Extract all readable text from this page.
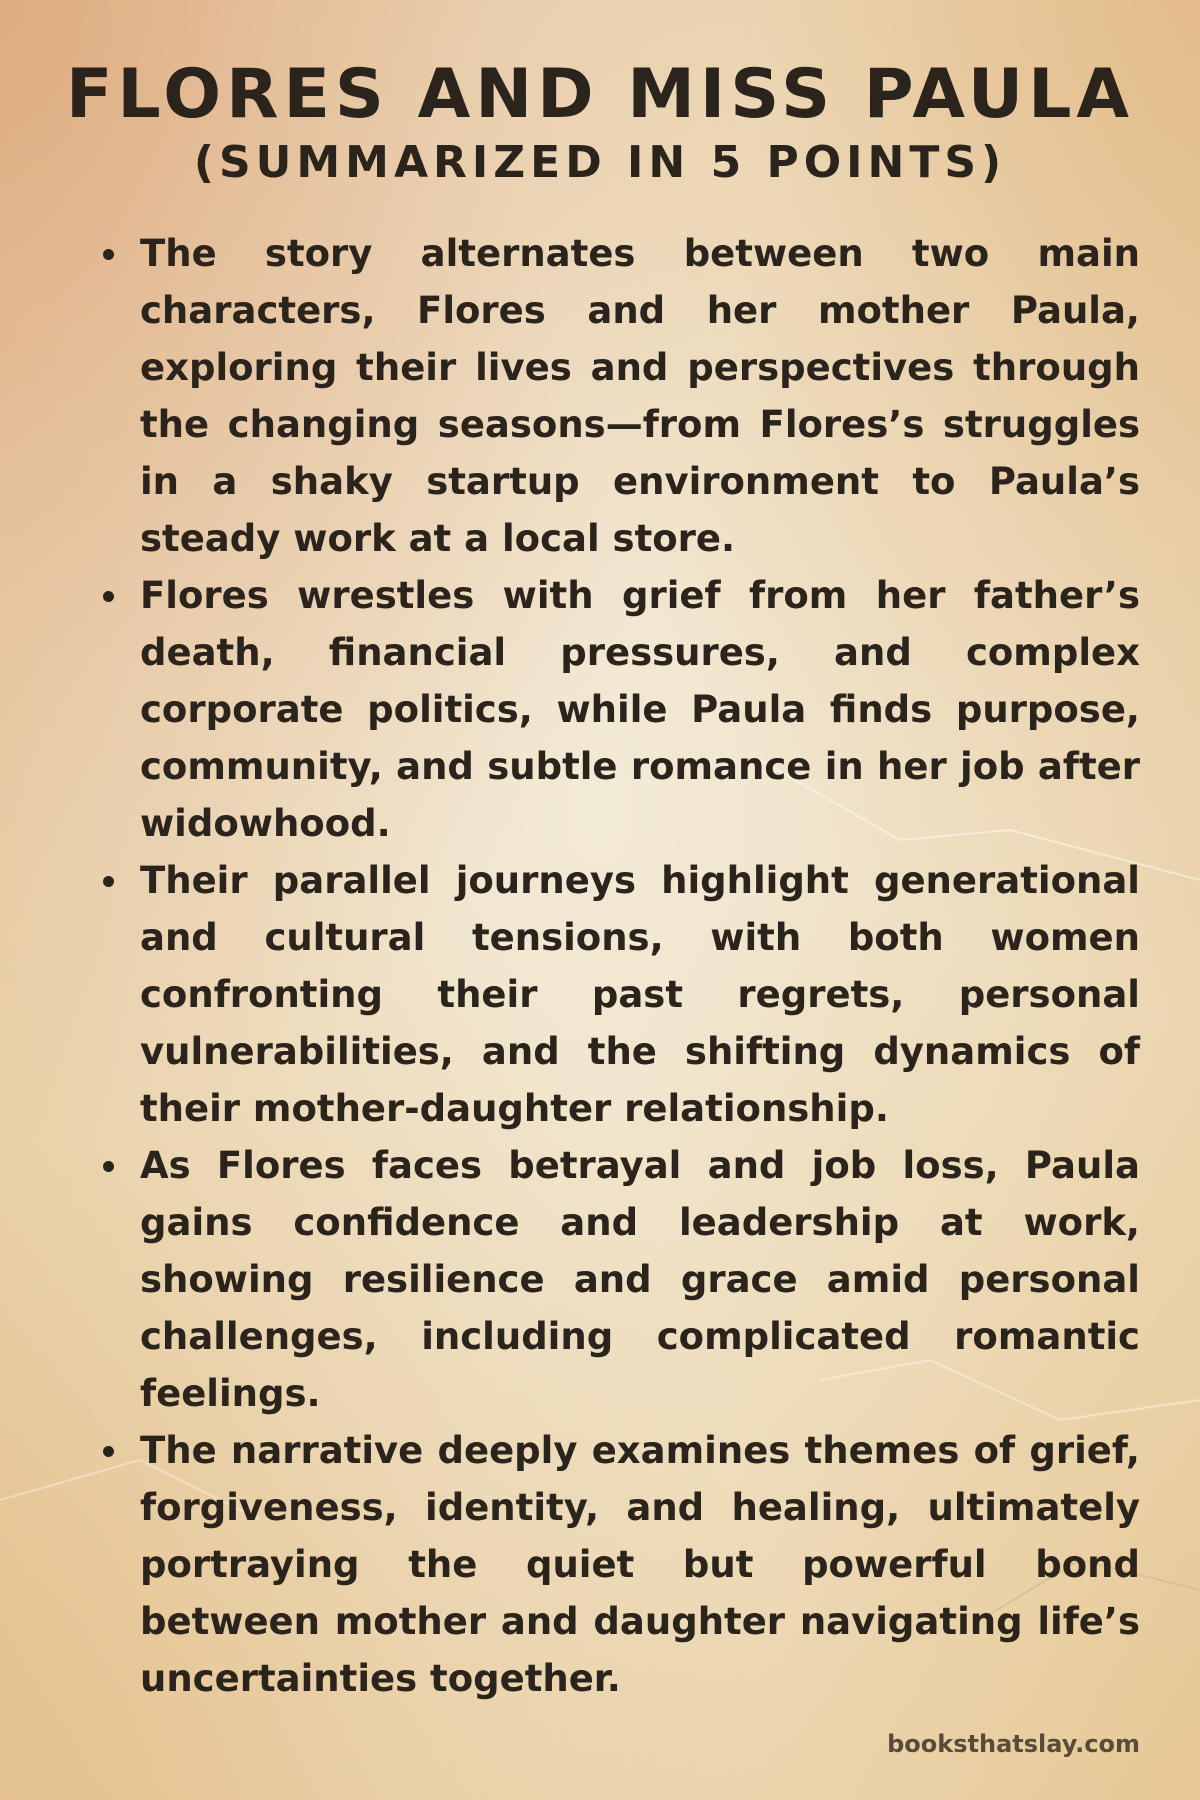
FLORES AND MISS PAULA
(SUMMARIZED IN 5 POINTS)
The story alternates between two main characters, Flores and her mother Paula, exploring their lives and perspectives through the changing seasons—from Flores’s struggles in a shaky startup environment to Paula’s steady work at a local store.
Flores wrestles with grief from her father’s death, financial pressures, and complex corporate politics, while Paula finds purpose, community, and subtle romance in her job after widowhood.
Their parallel journeys highlight generational and cultural tensions, with both women confronting their past regrets, personal vulnerabilities, and the shifting dynamics of their mother-daughter relationship.
As Flores faces betrayal and job loss, Paula gains confidence and leadership at work, showing resilience and grace amid personal challenges, including complicated romantic feelings.
The narrative deeply examines themes of grief, forgiveness, identity, and healing, ultimately portraying the quiet but powerful bond between mother and daughter navigating life’s uncertainties together.
booksthatslay.com
